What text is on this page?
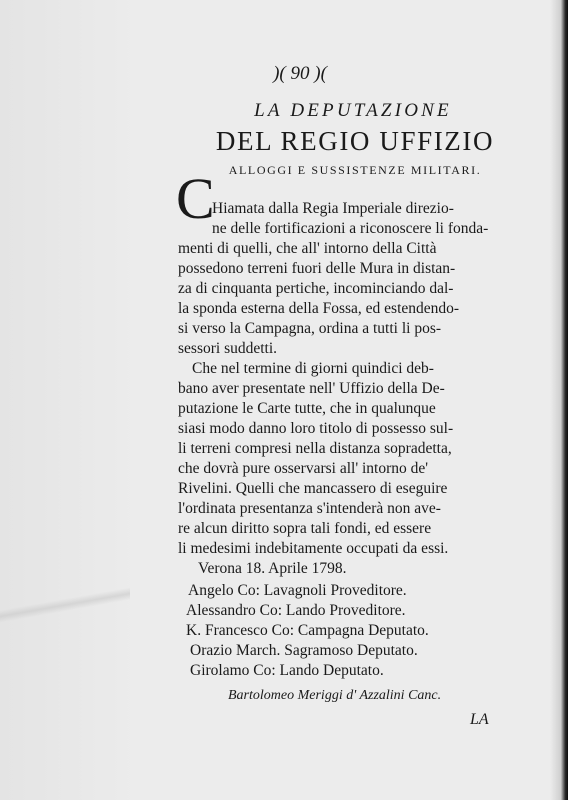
)( 90 )(
LA DEPUTAZIONE
DEL REGIO UFFIZIO
ALLOGGI E SUSSISTENZE MILITARI.
C
Hiamata dalla Regia Imperiale direzio-
ne delle fortificazioni a riconoscere li fonda-
menti di quelli, che all' intorno della Città
possedono terreni fuori delle Mura in distan-
za di cinquanta pertiche, incominciando dal-
la sponda esterna della Fossa, ed estendendo-
si verso la Campagna, ordina a tutti li pos-
sessori suddetti.
Che nel termine di giorni quindici deb-
bano aver presentate nell' Uffizio della De-
putazione le Carte tutte, che in qualunque
siasi modo danno loro titolo di possesso sul-
li terreni compresi nella distanza sopradetta,
che dovrà pure osservarsi all' intorno de'
Rivelini. Quelli che mancassero di eseguire
l'ordinata presentanza s'intenderà non ave-
re alcun diritto sopra tali fondi, ed essere
li medesimi indebitamente occupati da essi.
Verona 18. Aprile 1798.
Angelo Co: Lavagnoli Proveditore.
Alessandro Co: Lando Proveditore.
K. Francesco Co: Campagna Deputato.
Orazio March. Sagramoso Deputato.
Girolamo Co: Lando Deputato.
Bartolomeo Meriggi d' Azzalini Canc.
LA
